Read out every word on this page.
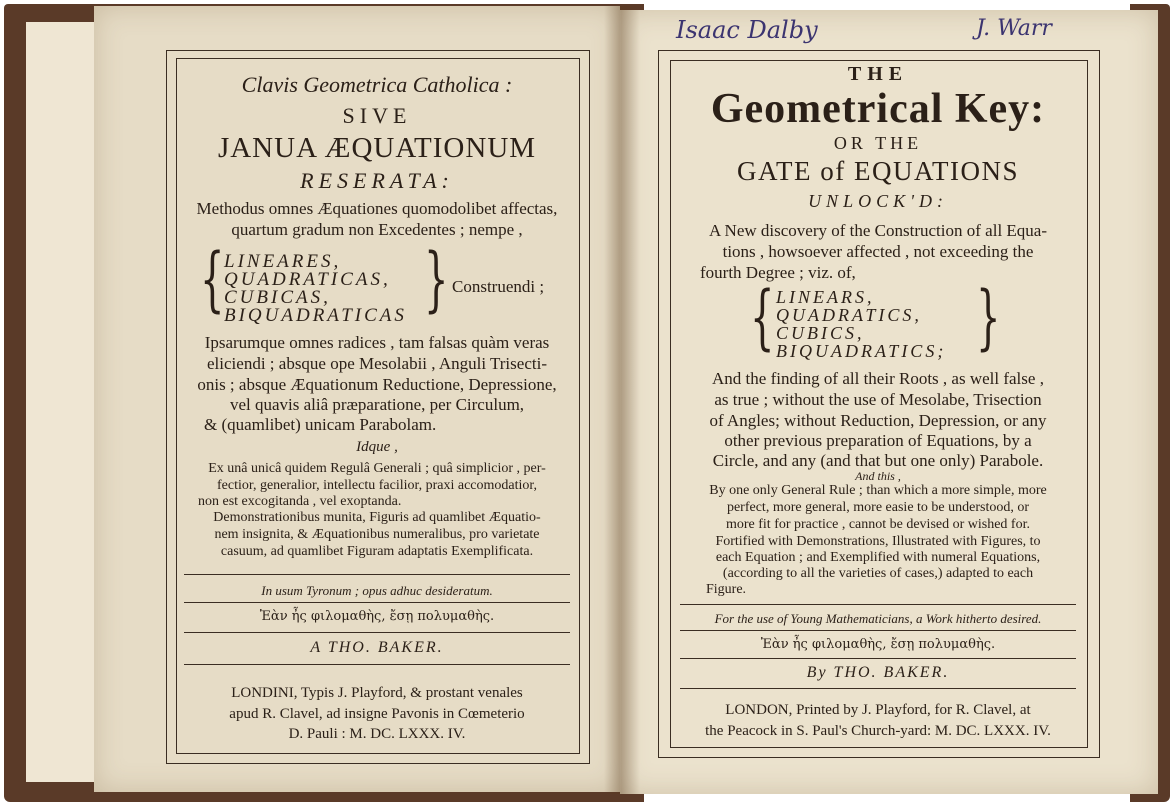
Clavis Geometrica Catholica :
SIVE
JANUA ÆQUATIONUM
RESERATA:
Methodus omnes Æquationes quomodolibet affectas,
quartum gradum non Excedentes ; nempe ,
{ LINEARES,
QUADRATICAS,
CUBICAS,
BIQUADRATICAS } Construendi ;
Ipsarumque omnes radices , tam falsas quàm veras
eliciendi ; absque ope Mesolabii , Anguli Trisecti-
onis ; absque Æquationum Reductione, Depressione,
vel quavis aliâ præparatione, per Circulum,
& (quamlibet) unicam Parabolam.
Idque ,
Ex unâ unicâ quidem Regulâ Generali ; quâ simplicior , per-
fectior, generalior, intellectu facilior, praxi accomodatior,
non est excogitanda , vel exoptanda.
Demonstrationibus munita, Figuris ad quamlibet Æquatio-
nem insignita, & Æquationibus numeralibus, pro varietate
casuum, ad quamlibet Figuram adaptatis Exemplificata.
In usum Tyronum ; opus adhuc desideratum.
Ἐὰν ἦς φιλομαθὴς, ἔσῃ πολυμαθὴς.
A THO. BAKER.
LONDINI, Typis J. Playford, & prostant venales
apud R. Clavel, ad insigne Pavonis in Cœmeterio
D. Pauli : M. DC. LXXX. IV.
Isaac Dalby	J. Warr
THE
Geometrical Key:
OR THE
GATE of EQUATIONS
UNLOCK'D:
A New discovery of the Construction of all Equa-
tions , howsoever affected , not exceeding the
fourth Degree ; viz. of,
{ LINEARS,
QUADRATICS,
CUBICS,
BIQUADRATICS; }
And the finding of all their Roots , as well false ,
as true ; without the use of Mesolabe, Trisection
of Angles; without Reduction, Depression, or any
other previous preparation of Equations, by a
Circle, and any (and that but one only) Parabole.
And this ,
By one only General Rule ; than which a more simple, more
perfect, more general, more easie to be understood, or
more fit for practice , cannot be devised or wished for.
Fortified with Demonstrations, Illustrated with Figures, to
each Equation ; and Exemplified with numeral Equations,
(according to all the varieties of cases,) adapted to each
Figure.
For the use of Young Mathematicians, a Work hitherto desired.
Ἐὰν ἦς φιλομαθὴς, ἔσῃ πολυμαθὴς.
By THO. BAKER.
LONDON, Printed by J. Playford, for R. Clavel, at
the Peacock in S. Paul's Church-yard: M. DC. LXXX. IV.
